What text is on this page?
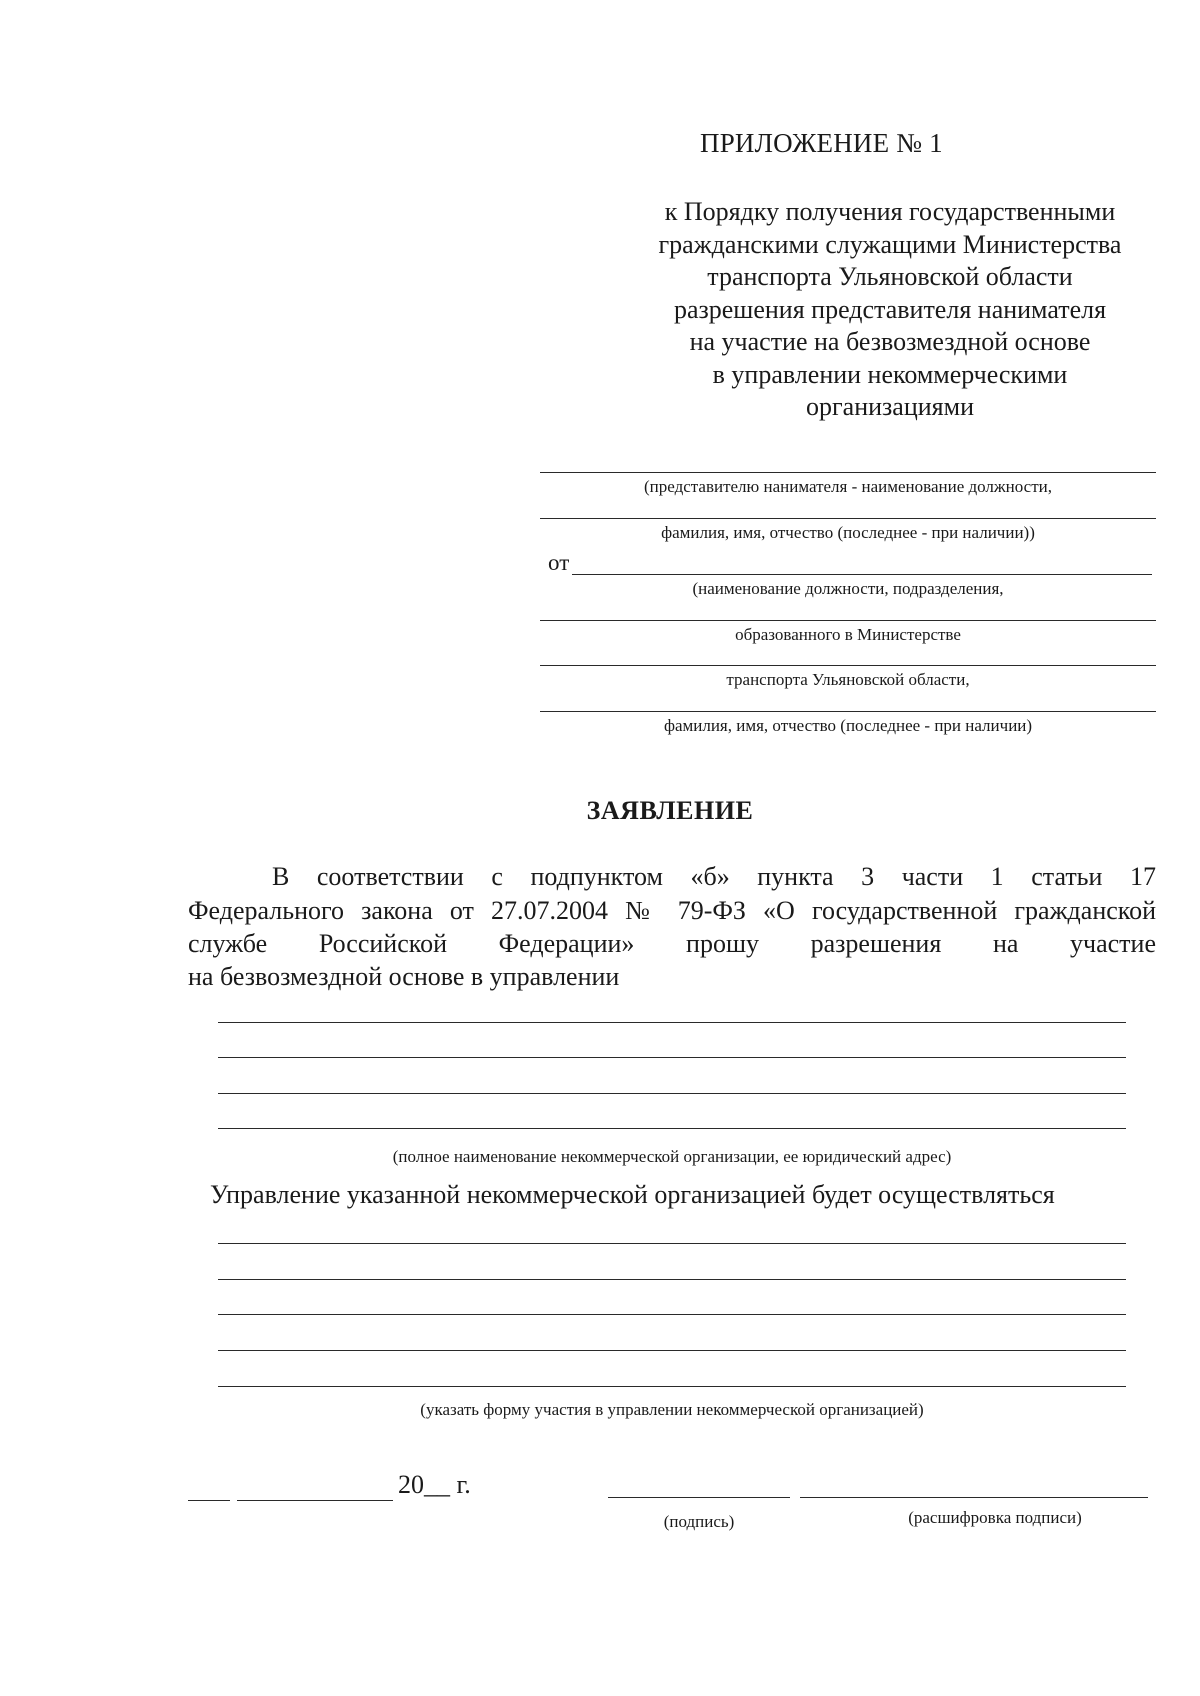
ПРИЛОЖЕНИЕ № 1
к Порядку получения государственными
гражданскими служащими Министерства
транспорта Ульяновской области
разрешения представителя нанимателя
на участие на безвозмездной основе
в управлении некоммерческими
организациями
(представителю нанимателя - наименование должности,
фамилия, имя, отчество (последнее - при наличии))
от
(наименование должности, подразделения,
образованного в Министерстве
транспорта Ульяновской области,
фамилия, имя, отчество (последнее - при наличии)
ЗАЯВЛЕНИЕ
В соответствии с подпунктом «б» пункта 3 части 1 статьи 17
Федерального закона от 27.07.2004 № 79-ФЗ «О государственной гражданской
службе Российской Федерации» прошу разрешения на участие
на безвозмездной основе в управлении
(полное наименование некоммерческой организации, ее юридический адрес)
Управление указанной некоммерческой организацией будет осуществляться
(указать форму участия в управлении некоммерческой организацией)
20__ г.
(подпись)	(расшифровка подписи)
